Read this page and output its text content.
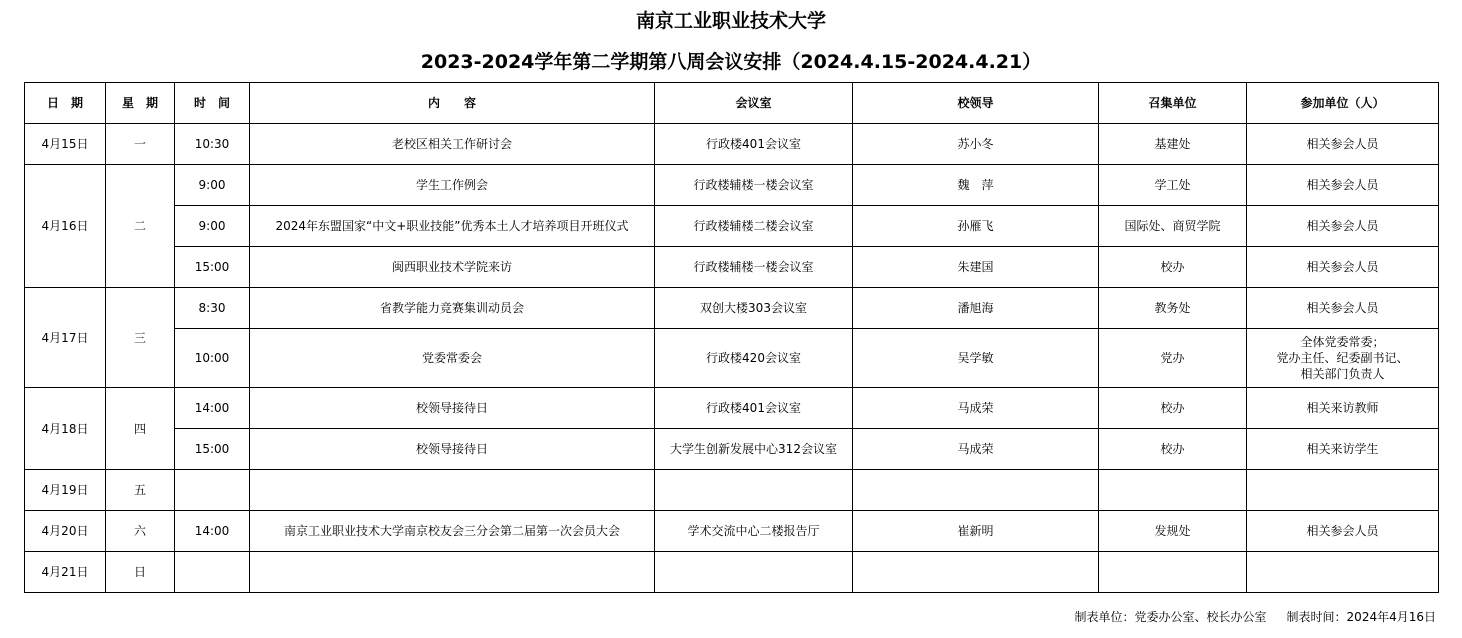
南京工业职业技术大学
2023-2024学年第二学期第八周会议安排（2024.4.15-2024.4.21）
日　期	星　期	时　间	内　　容	会议室	校领导	召集单位	参加单位（人）
4月15日	一	10:30	老校区相关工作研讨会	行政楼401会议室	苏小冬	基建处	相关参会人员
4月16日	二	9:00	学生工作例会	行政楼辅楼一楼会议室	魏　萍	学工处	相关参会人员
		9:00	2024年东盟国家“中文+职业技能”优秀本土人才培养项目开班仪式	行政楼辅楼二楼会议室	孙雁飞	国际处、商贸学院	相关参会人员
		15:00	闽西职业技术学院来访	行政楼辅楼一楼会议室	朱建国	校办	相关参会人员
4月17日	三	8:30	省教学能力竞赛集训动员会	双创大楼303会议室	潘旭海	教务处	相关参会人员
		10:00	党委常委会	行政楼420会议室	吴学敏	党办	全体党委常委；
党办主任、纪委副书记、
相关部门负责人
4月18日	四	14:00	校领导接待日	行政楼401会议室	马成荣	校办	相关来访教师
		15:00	校领导接待日	大学生创新发展中心312会议室	马成荣	校办	相关来访学生
4月19日	五						
4月20日	六	14:00	南京工业职业技术大学南京校友会三分会第二届第一次会员大会	学术交流中心二楼报告厅	崔新明	发规处	相关参会人员
4月21日	日						
制表单位：党委办公室、校长办公室 制表时间：2024年4月16日
